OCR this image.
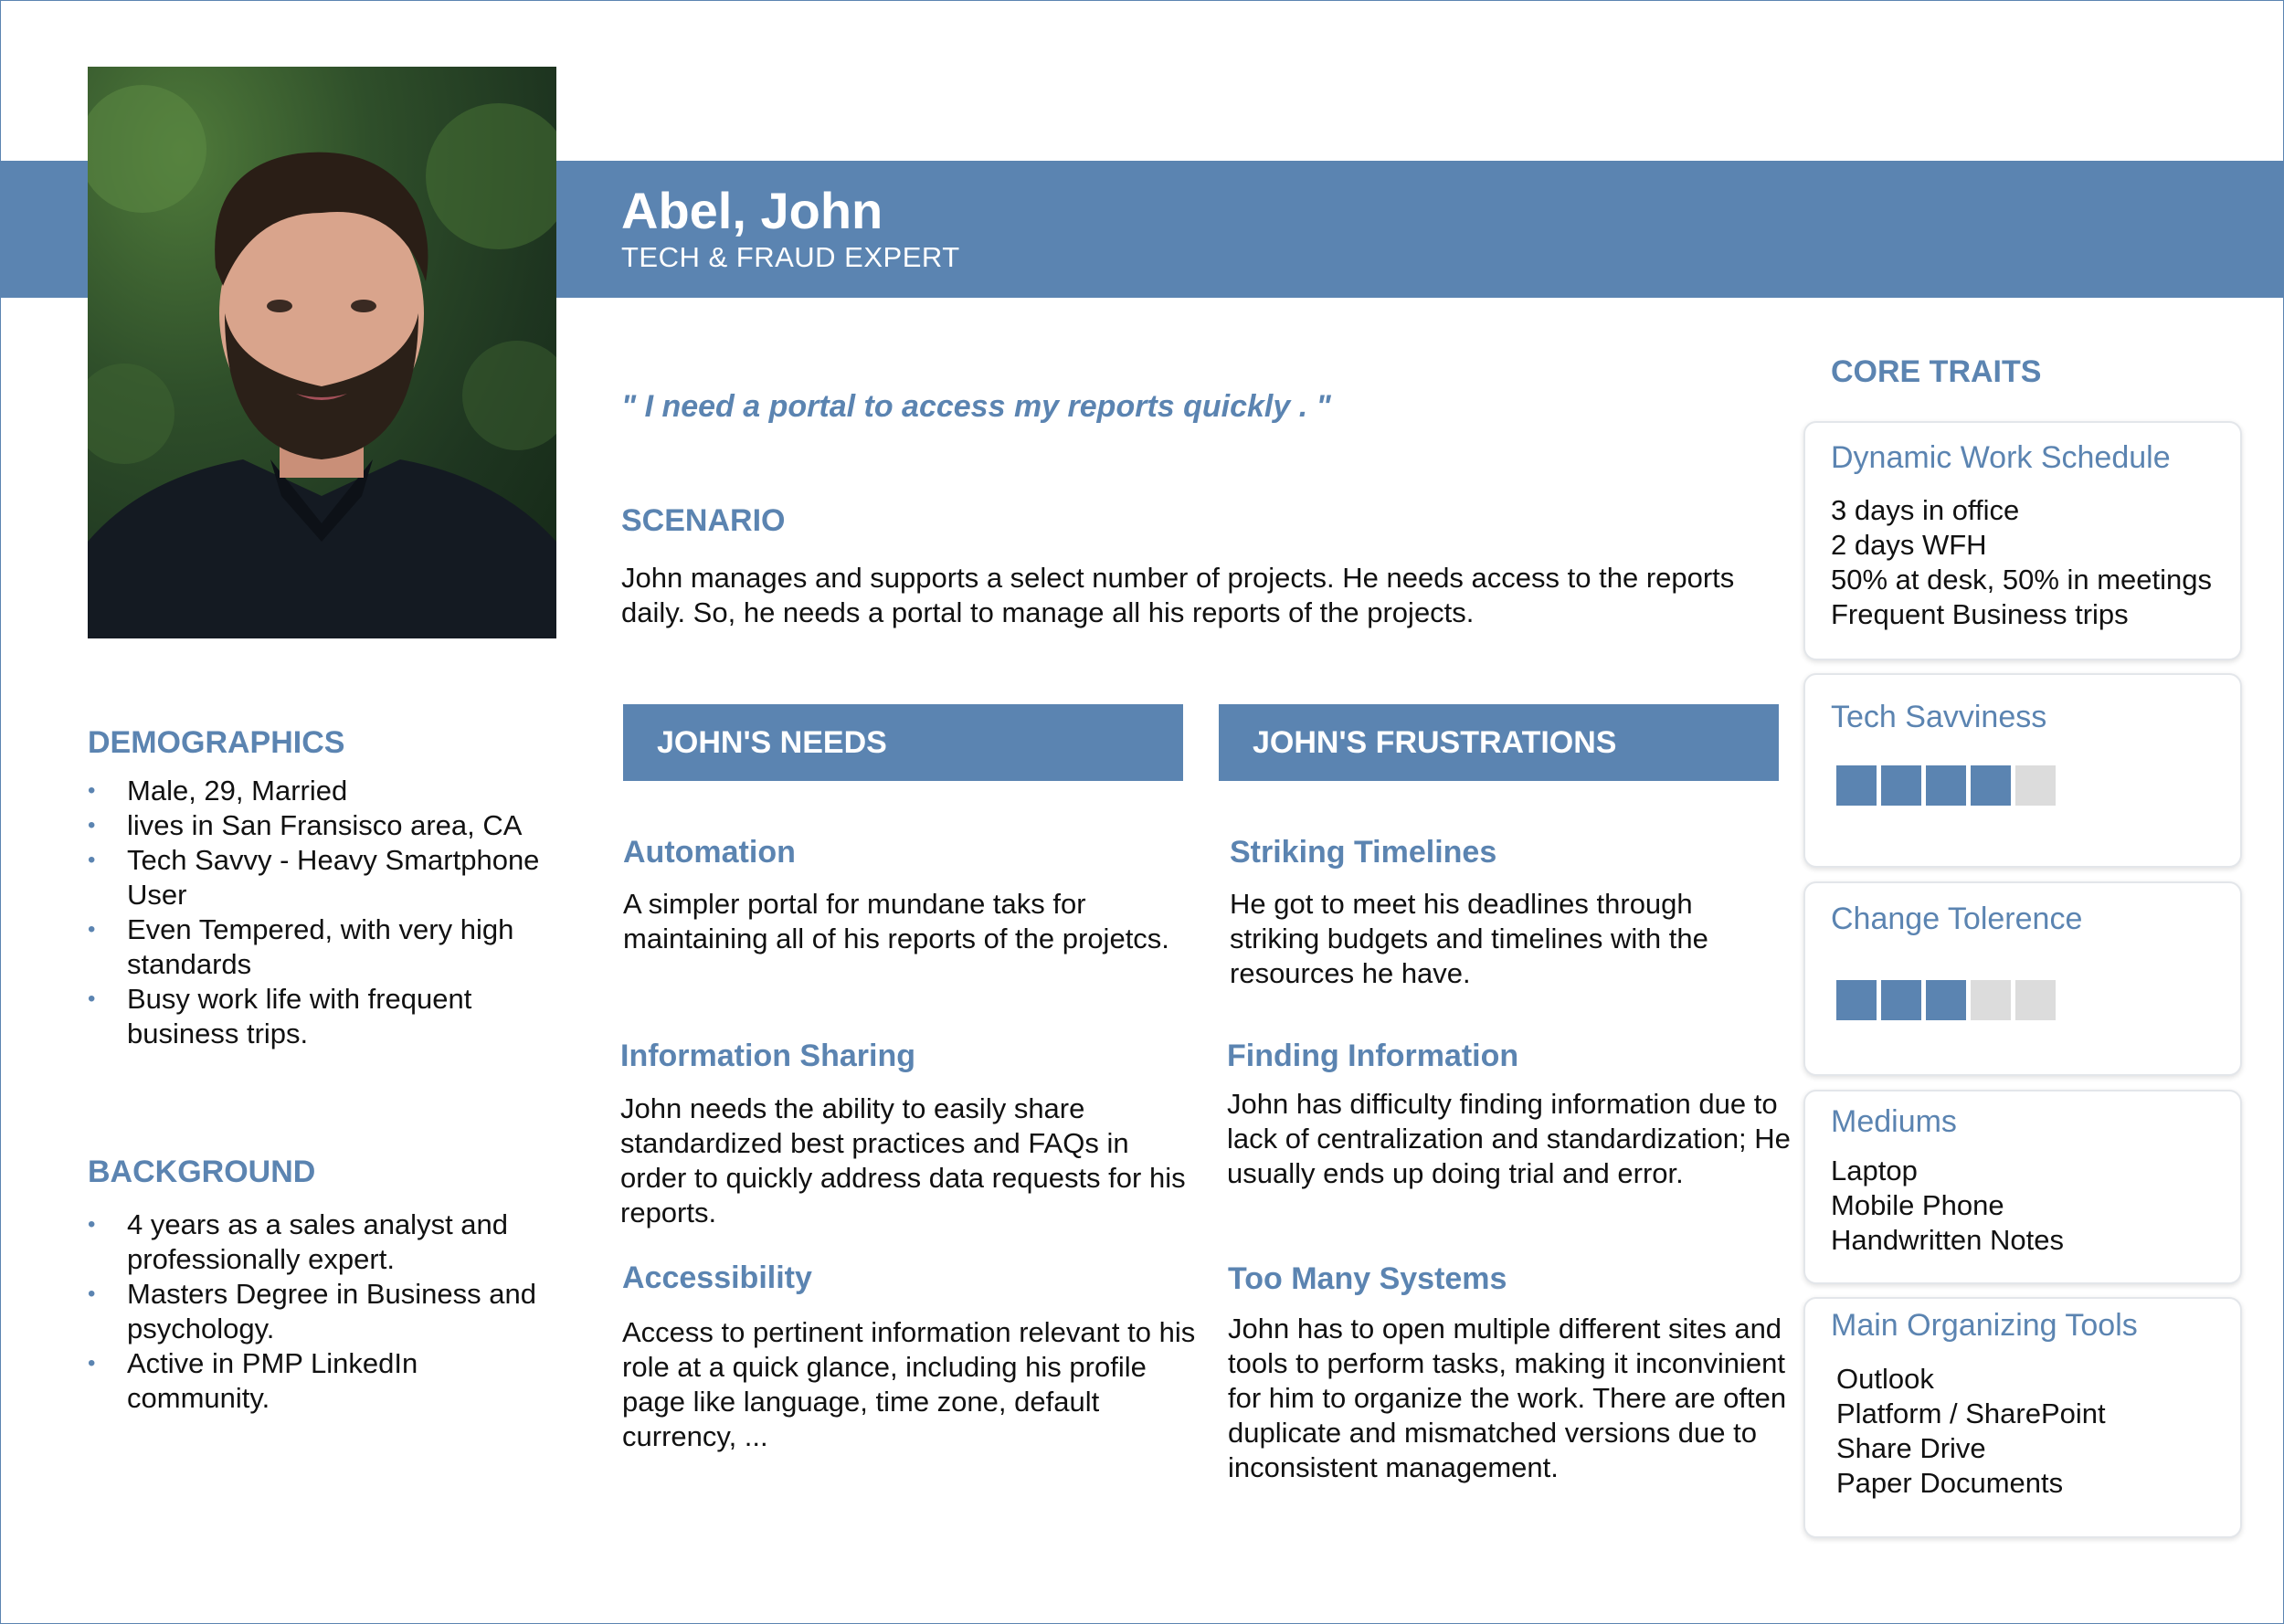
Abel, John
TECH & FRAUD EXPERT
" I need a portal to access my reports quickly . "
DEMOGRAPHICS
• Male, 29, Married
• lives in San Fransisco area, CA
• Tech Savvy - Heavy Smartphone User
• Even Tempered, with very high standards
• Busy work life with frequent business trips.
BACKGROUND
• 4 years as a sales analyst and professionally expert.
• Masters Degree in Business and psychology.
• Active in PMP LinkedIn community.
SCENARIO
John manages and supports a select number of projects. He needs access to the reports daily. So, he needs a portal to manage all his reports of the projects.
JOHN'S NEEDS
Automation
A simpler portal for mundane taks for maintaining all of his reports of the projetcs.
Information Sharing
John needs the ability to easily share standardized best practices and FAQs in order to quickly address data requests for his reports.
Accessibility
Access to pertinent information relevant to his role at a quick glance, including his profile page like language, time zone, default currency, ...
JOHN'S FRUSTRATIONS
Striking Timelines
He got to meet his deadlines through striking budgets and timelines with the resources he have.
Finding Information
John has difficulty finding information due to lack of centralization and standardization; He usually ends up doing trial and error.
Too Many Systems
John has to open multiple different sites and tools to perform tasks, making it inconvinient for him to organize the work. There are often duplicate and mismatched versions due to inconsistent management.
CORE TRAITS
Dynamic Work Schedule
3 days in office
2 days WFH
50% at desk, 50% in meetings
Frequent Business trips
Tech Savviness
Change Tolerence
Mediums
Laptop
Mobile Phone
Handwritten Notes
Main Organizing Tools
Outlook
Platform / SharePoint
Share Drive
Paper Documents
